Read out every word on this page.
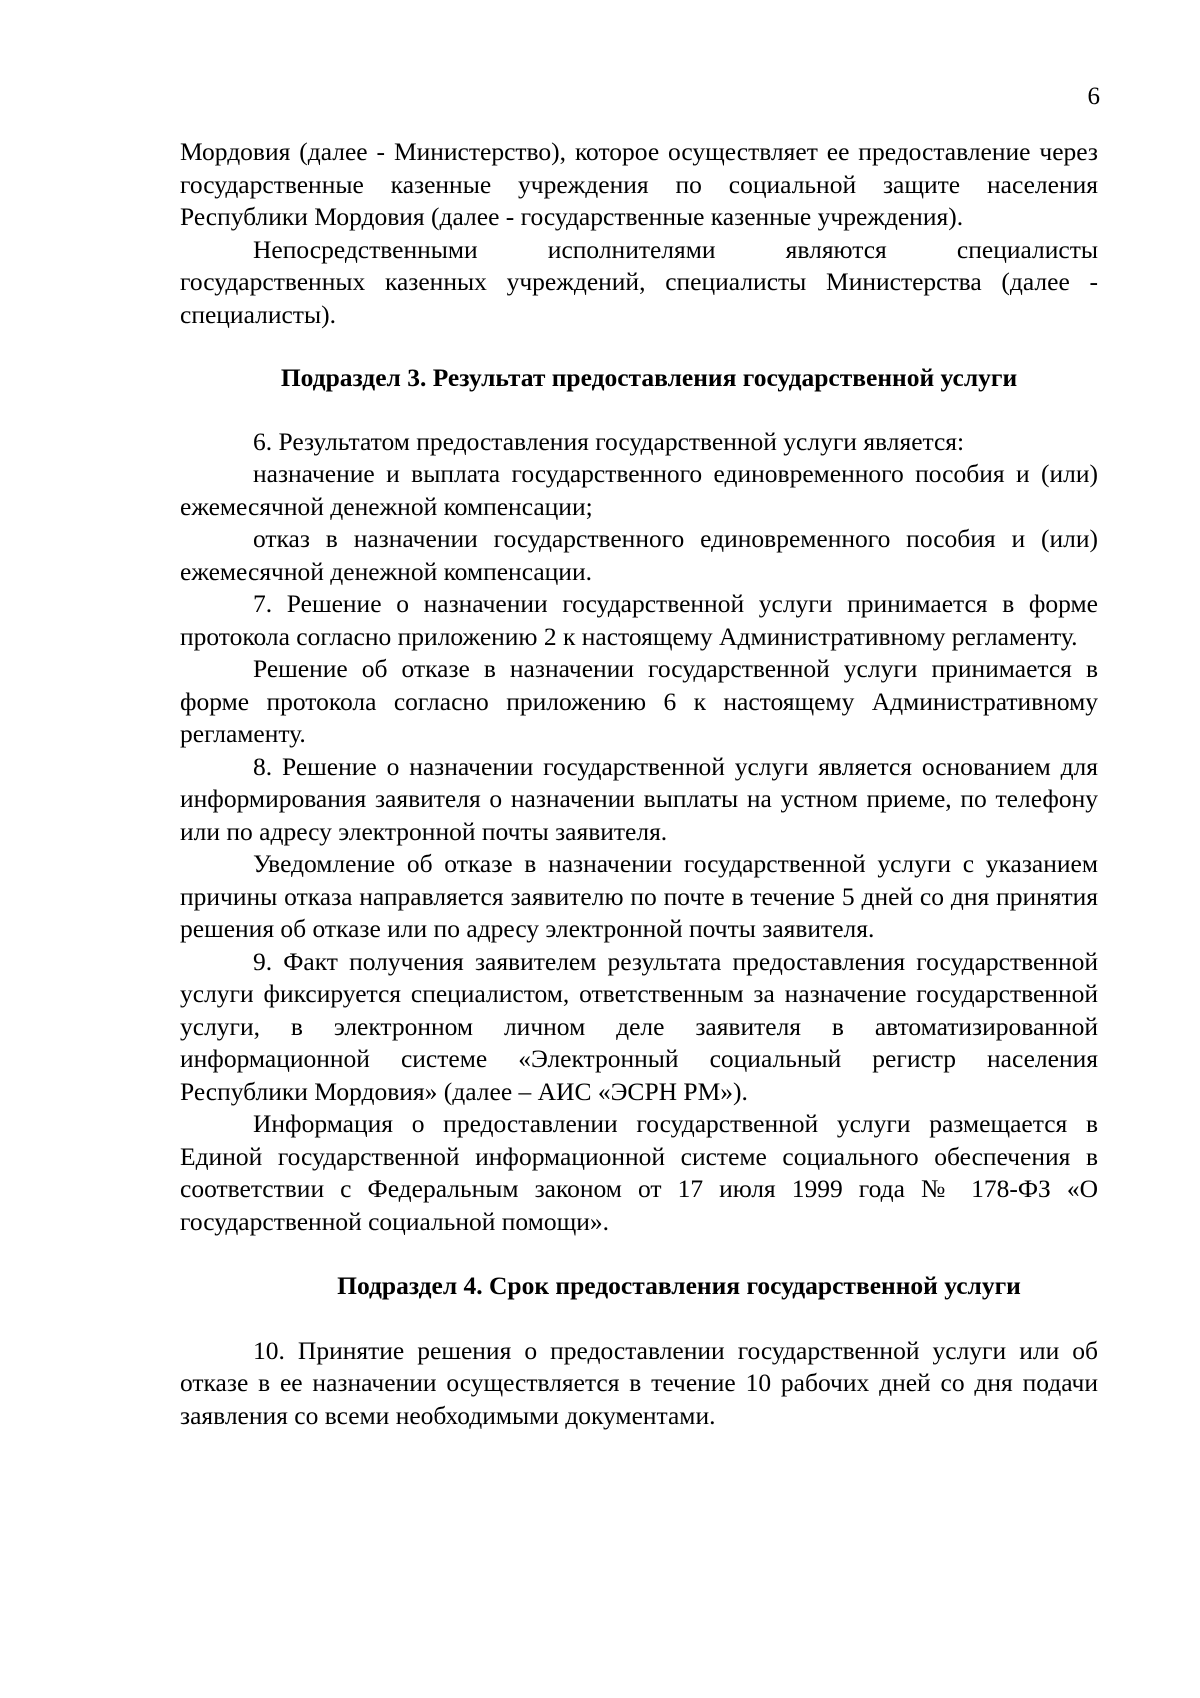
6

Мордовия (далее - Министерство), которое осуществляет ее предоставление через государственные казенные учреждения по социальной защите населения Республики Мордовия (далее - государственные казенные учреждения).

Непосредственными исполнителями являются специалисты государственных казенных учреждений, специалисты Министерства (далее - специалисты).

Подраздел 3. Результат предоставления государственной услуги

6. Результатом предоставления государственной услуги является:

назначение и выплата государственного единовременного пособия и (или) ежемесячной денежной компенсации;

отказ в назначении государственного единовременного пособия и (или) ежемесячной денежной компенсации.

7. Решение о назначении государственной услуги принимается в форме протокола согласно приложению 2 к настоящему Административному регламенту.

Решение об отказе в назначении государственной услуги принимается в форме протокола согласно приложению 6 к настоящему Административному регламенту.

8. Решение о назначении государственной услуги является основанием для информирования заявителя о назначении выплаты на устном приеме, по телефону или по адресу электронной почты заявителя.

Уведомление об отказе в назначении государственной услуги с указанием причины отказа направляется заявителю по почте в течение 5 дней со дня принятия решения об отказе или по адресу электронной почты заявителя.

9. Факт получения заявителем результата предоставления государственной услуги фиксируется специалистом, ответственным за назначение государственной услуги, в электронном личном деле заявителя в автоматизированной информационной системе «Электронный социальный регистр населения Республики Мордовия» (далее – АИС «ЭСРН РМ»).

Информация о предоставлении государственной услуги размещается в Единой государственной информационной системе социального обеспечения в соответствии с Федеральным законом от 17 июля 1999 года № 178-ФЗ «О государственной социальной помощи».

Подраздел 4. Срок предоставления государственной услуги

10. Принятие решения о предоставлении государственной услуги или об отказе в ее назначении осуществляется в течение 10 рабочих дней со дня подачи заявления со всеми необходимыми документами.
